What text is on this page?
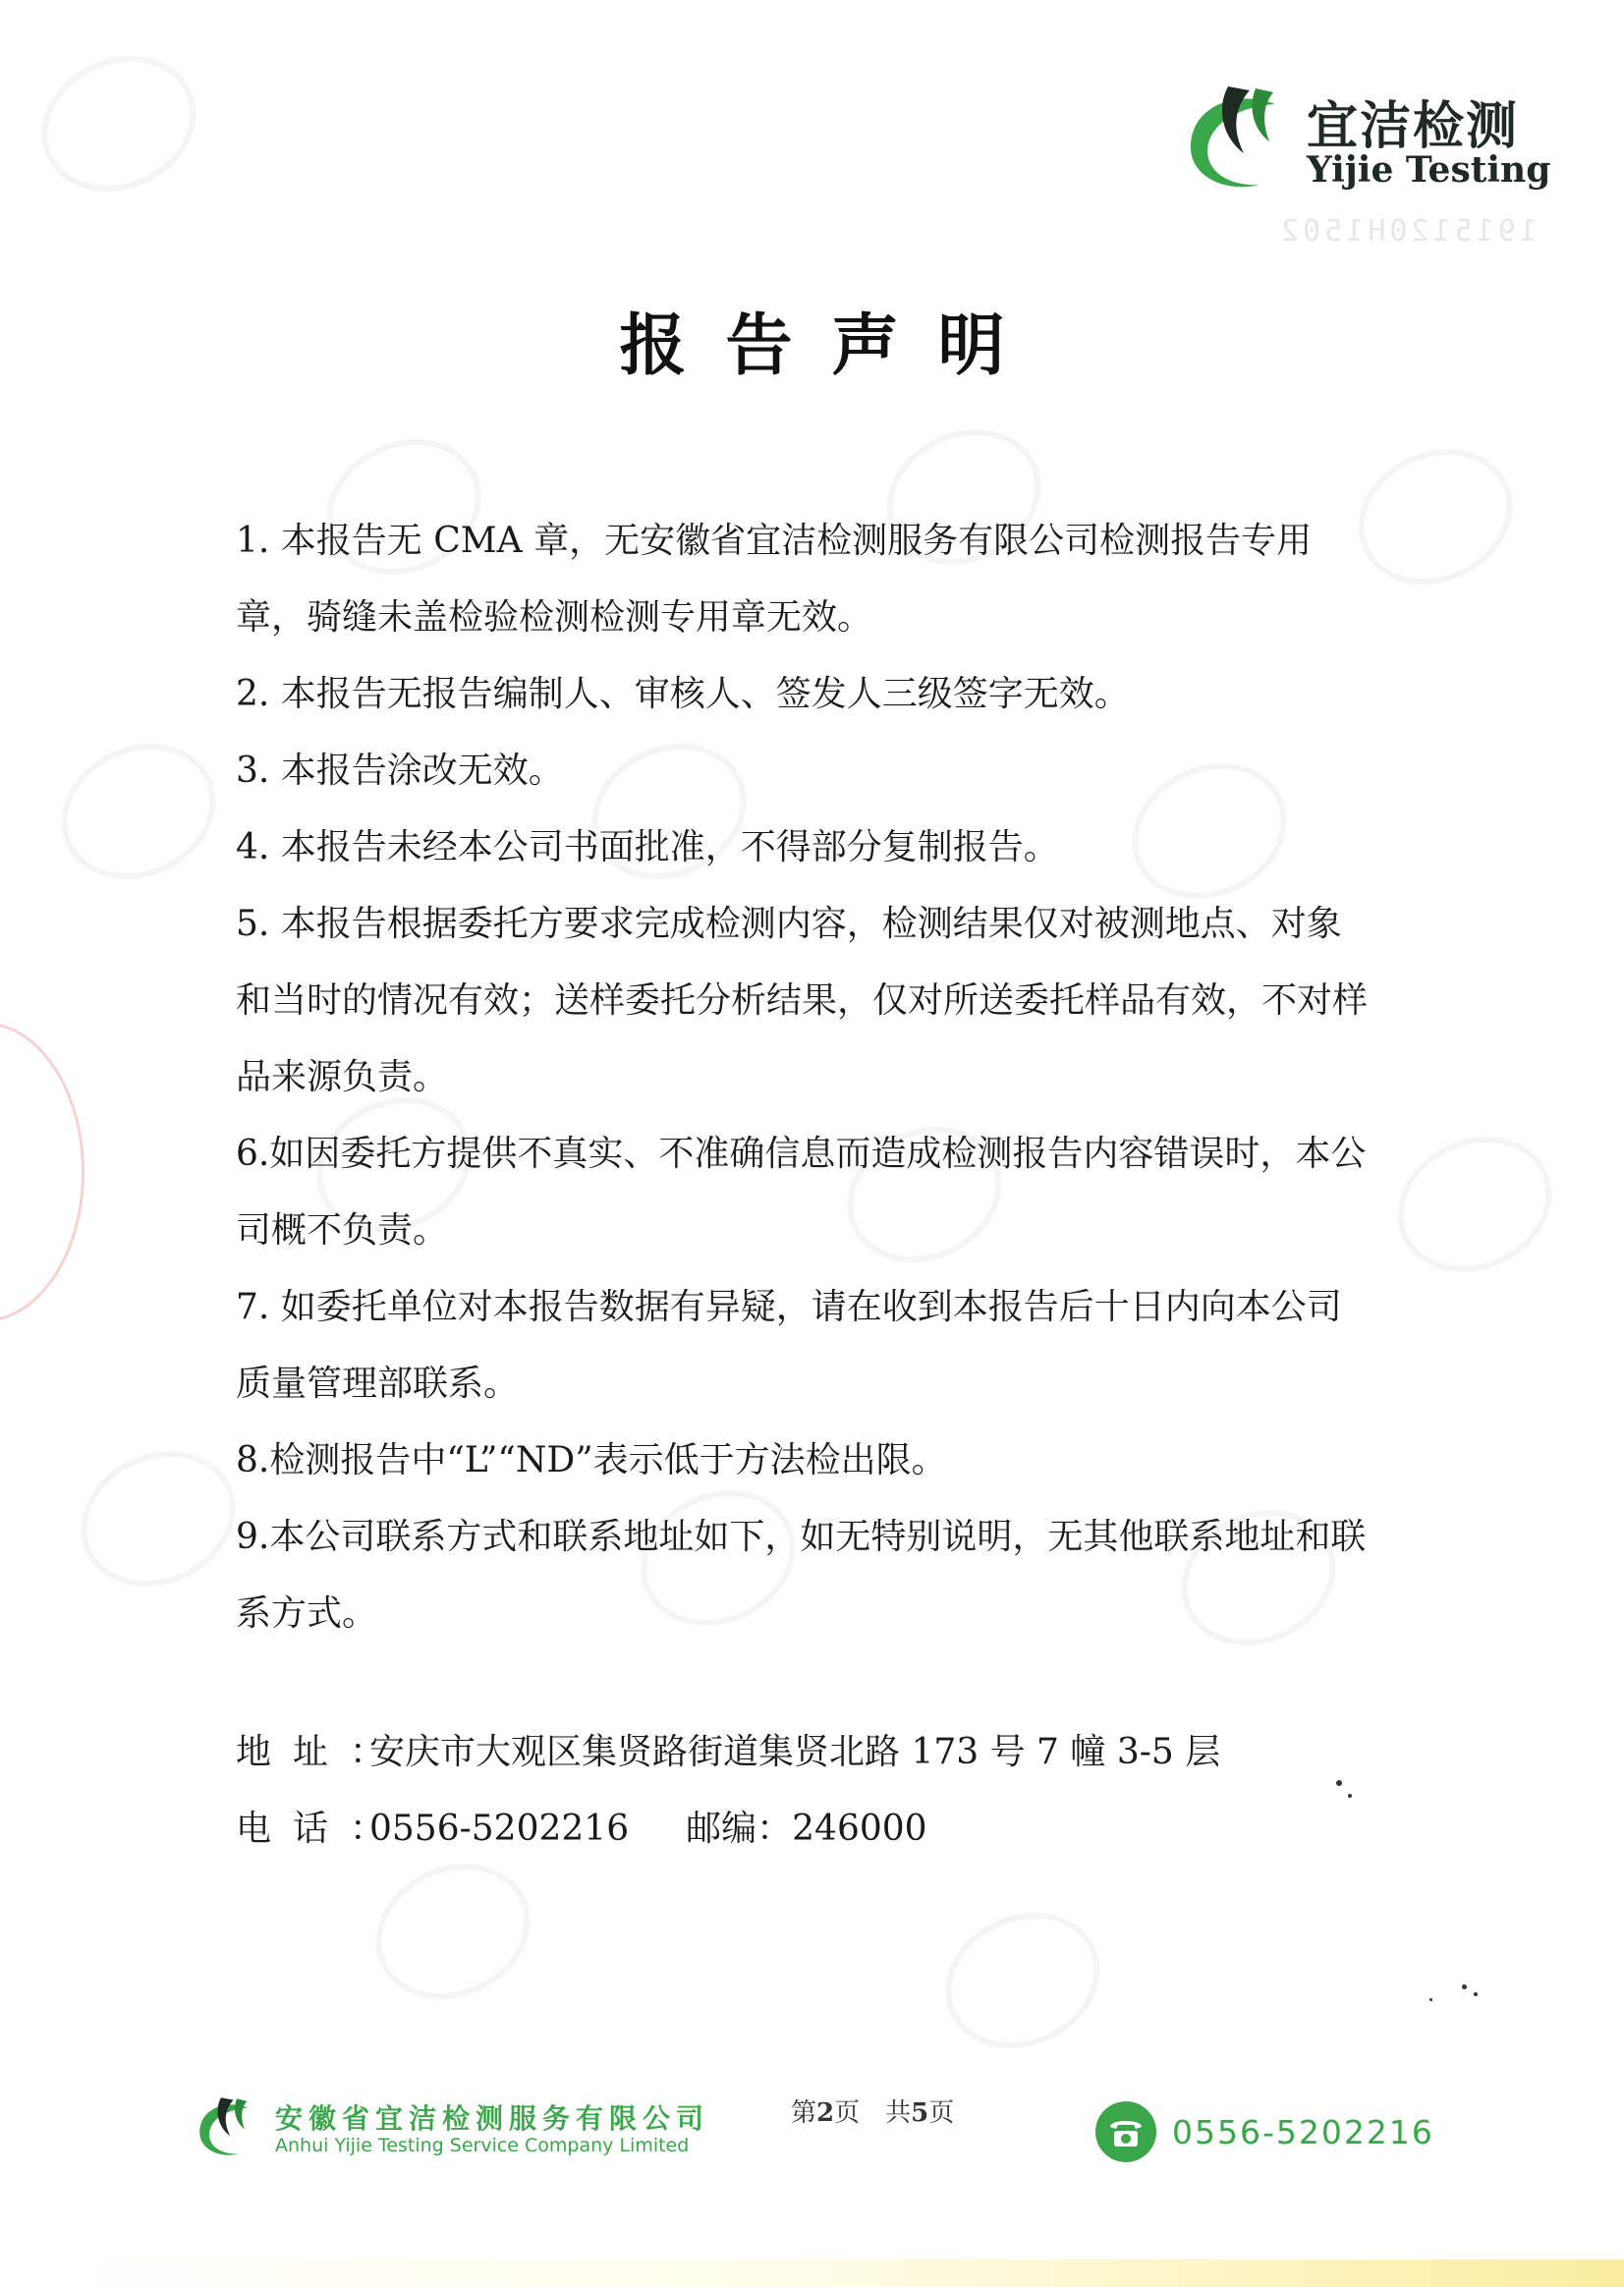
宜洁检测
Yijie Testing
1915120H1502
报告声明

1. 本报告无 CMA 章，无安徽省宜洁检测服务有限公司检测报告专用章，骑缝未盖检验检测检测专用章无效。

2. 本报告无报告编制人、审核人、签发人三级签字无效。

3. 本报告涂改无效。

4. 本报告未经本公司书面批准，不得部分复制报告。

5. 本报告根据委托方要求完成检测内容，检测结果仅对被测地点、对象和当时的情况有效；送样委托分析结果，仅对所送委托样品有效，不对样品来源负责。

6.如因委托方提供不真实、不准确信息而造成检测报告内容错误时，本公司概不负责。

7. 如委托单位对本报告数据有异疑，请在收到本报告后十日内向本公司质量管理部联系。

8.检测报告中“L”“ND”表示低于方法检出限。

9.本公司联系方式和联系地址如下，如无特别说明，无其他联系地址和联系方式。

地址：
安庆市大观区集贤路街道集贤北路 173 号 7 幢 3-5 层
电话：
0556-5202216 邮编： 246000
安徽省宜洁检测服务有限公司
Anhui Yijie Testing Service Company Limited
第2页　共5页	0556-5202216
